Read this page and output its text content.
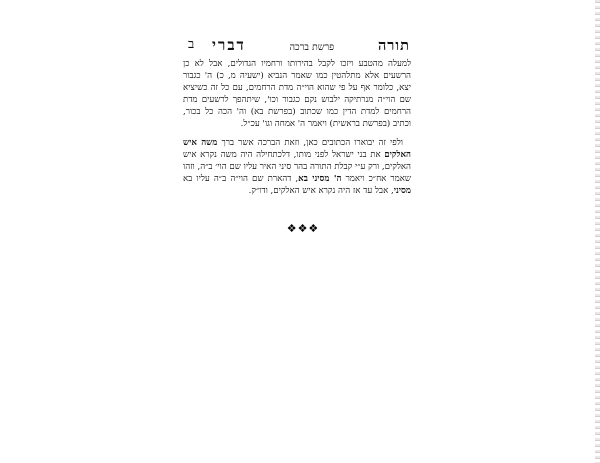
תורה
פרשת ברכה
דברי
ב

למעלה מהטבע ויזכו לקבל בהירותו ורחמיו הגדולים, אבל לא כן הרשעים אלא מתלהטין כמו שאמר הנביא (ישעיה מ, כ) ה' כגבור יצא, כלומר אף על פי שהוא הוי״ה מדת הרחמים, עם כל זה כשיציא שם הוי״ה מנרתיקה ילבוש נקם כגבור וכו', שיתהפך לרשעים מדת הרחמים למדת הדין כמו שכתוב (בפרשת בא) וה' הכה כל בכור, וכתיב (בפרשת בראשית) ויאמר ה' אמחה וגו' עכ״ל.

ולפי זה יבוארו הכתובים כאן, וזאת הברכה אשר ברך משה איש האלקים את בני ישראל לפני מותו, דלכתחילה היה משה נקרא איש האלקים, ורק ע״י קבלת התורה בהר סיני האיר עליו שם הוי׳ ב״ה, וזהו שאמר אח״כ ויאמר ה' מסיני בא, דהארת שם הוי״ה ב״ה עליו בא מסיני, אבל עד אז היה נקרא איש האלקים, ודו״ק.

❖❖❖
